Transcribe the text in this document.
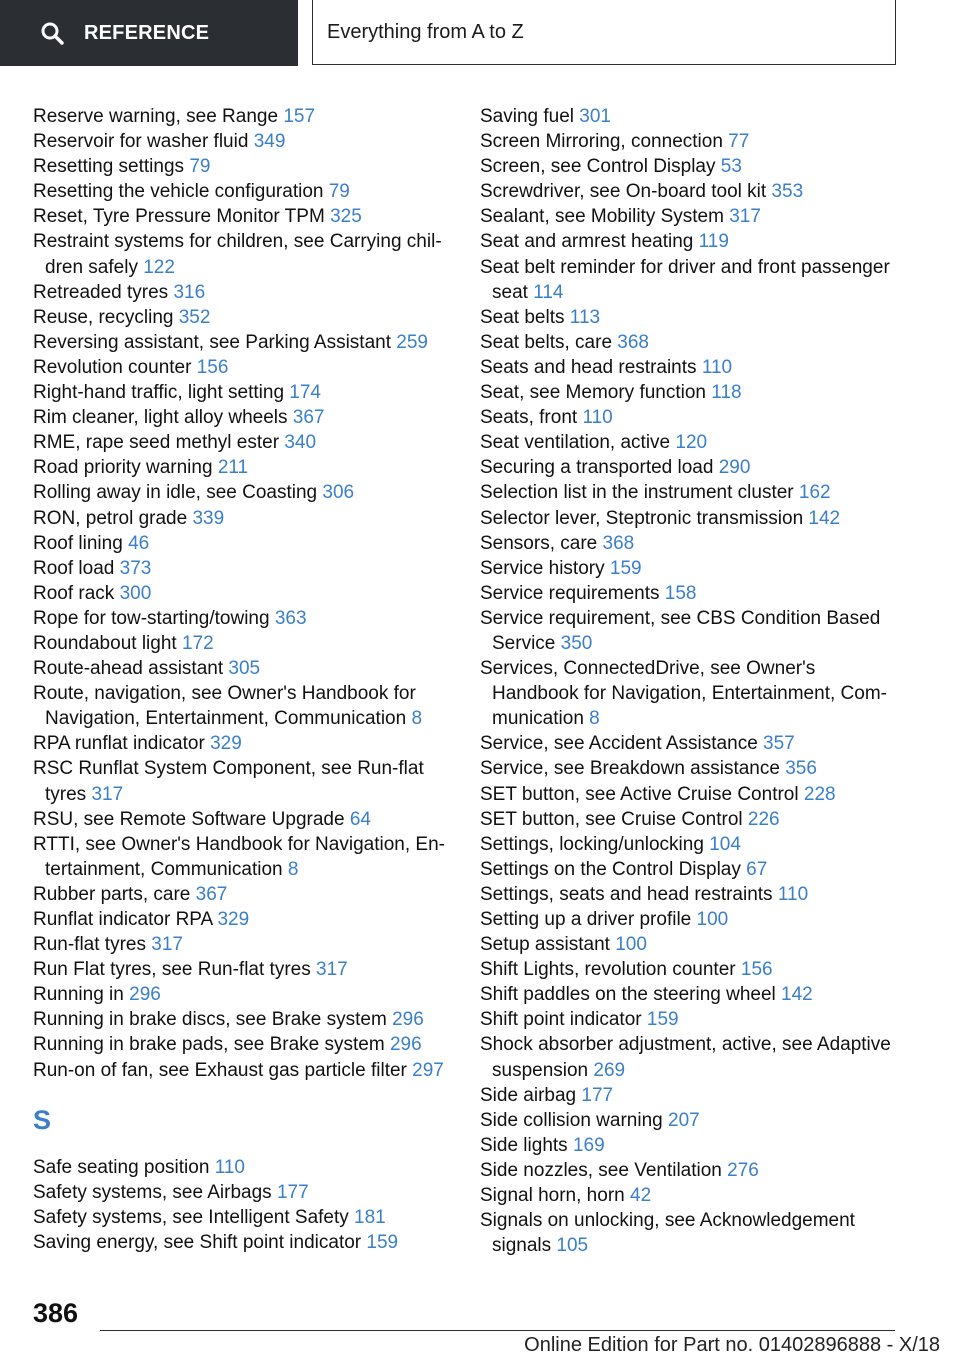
REFERENCE	Everything from A to Z
Reserve warning, see Range 157
Reservoir for washer fluid 349
Resetting settings 79
Resetting the vehicle configuration 79
Reset, Tyre Pressure Monitor TPM 325
Restraint systems for children, see Carrying children safely 122
Retreaded tyres 316
Reuse, recycling 352
Reversing assistant, see Parking Assistant 259
Revolution counter 156
Right-hand traffic, light setting 174
Rim cleaner, light alloy wheels 367
RME, rape seed methyl ester 340
Road priority warning 211
Rolling away in idle, see Coasting 306
RON, petrol grade 339
Roof lining 46
Roof load 373
Roof rack 300
Rope for tow-starting/towing 363
Roundabout light 172
Route-ahead assistant 305
Route, navigation, see Owner's Handbook for Navigation, Entertainment, Communication 8
RPA runflat indicator 329
RSC Runflat System Component, see Run-flat tyres 317
RSU, see Remote Software Upgrade 64
RTTI, see Owner's Handbook for Navigation, Entertainment, Communication 8
Rubber parts, care 367
Runflat indicator RPA 329
Run-flat tyres 317
Run Flat tyres, see Run-flat tyres 317
Running in 296
Running in brake discs, see Brake system 296
Running in brake pads, see Brake system 296
Run-on of fan, see Exhaust gas particle filter 297
S
Safe seating position 110
Safety systems, see Airbags 177
Safety systems, see Intelligent Safety 181
Saving energy, see Shift point indicator 159
Saving fuel 301
Screen Mirroring, connection 77
Screen, see Control Display 53
Screwdriver, see On-board tool kit 353
Sealant, see Mobility System 317
Seat and armrest heating 119
Seat belt reminder for driver and front passenger seat 114
Seat belts 113
Seat belts, care 368
Seats and head restraints 110
Seat, see Memory function 118
Seats, front 110
Seat ventilation, active 120
Securing a transported load 290
Selection list in the instrument cluster 162
Selector lever, Steptronic transmission 142
Sensors, care 368
Service history 159
Service requirements 158
Service requirement, see CBS Condition Based Service 350
Services, ConnectedDrive, see Owner's Handbook for Navigation, Entertainment, Communication 8
Service, see Accident Assistance 357
Service, see Breakdown assistance 356
SET button, see Active Cruise Control 228
SET button, see Cruise Control 226
Settings, locking/unlocking 104
Settings on the Control Display 67
Settings, seats and head restraints 110
Setting up a driver profile 100
Setup assistant 100
Shift Lights, revolution counter 156
Shift paddles on the steering wheel 142
Shift point indicator 159
Shock absorber adjustment, active, see Adaptive suspension 269
Side airbag 177
Side collision warning 207
Side lights 169
Side nozzles, see Ventilation 276
Signal horn, horn 42
Signals on unlocking, see Acknowledgement signals 105
386
Online Edition for Part no. 01402896888 - X/18
